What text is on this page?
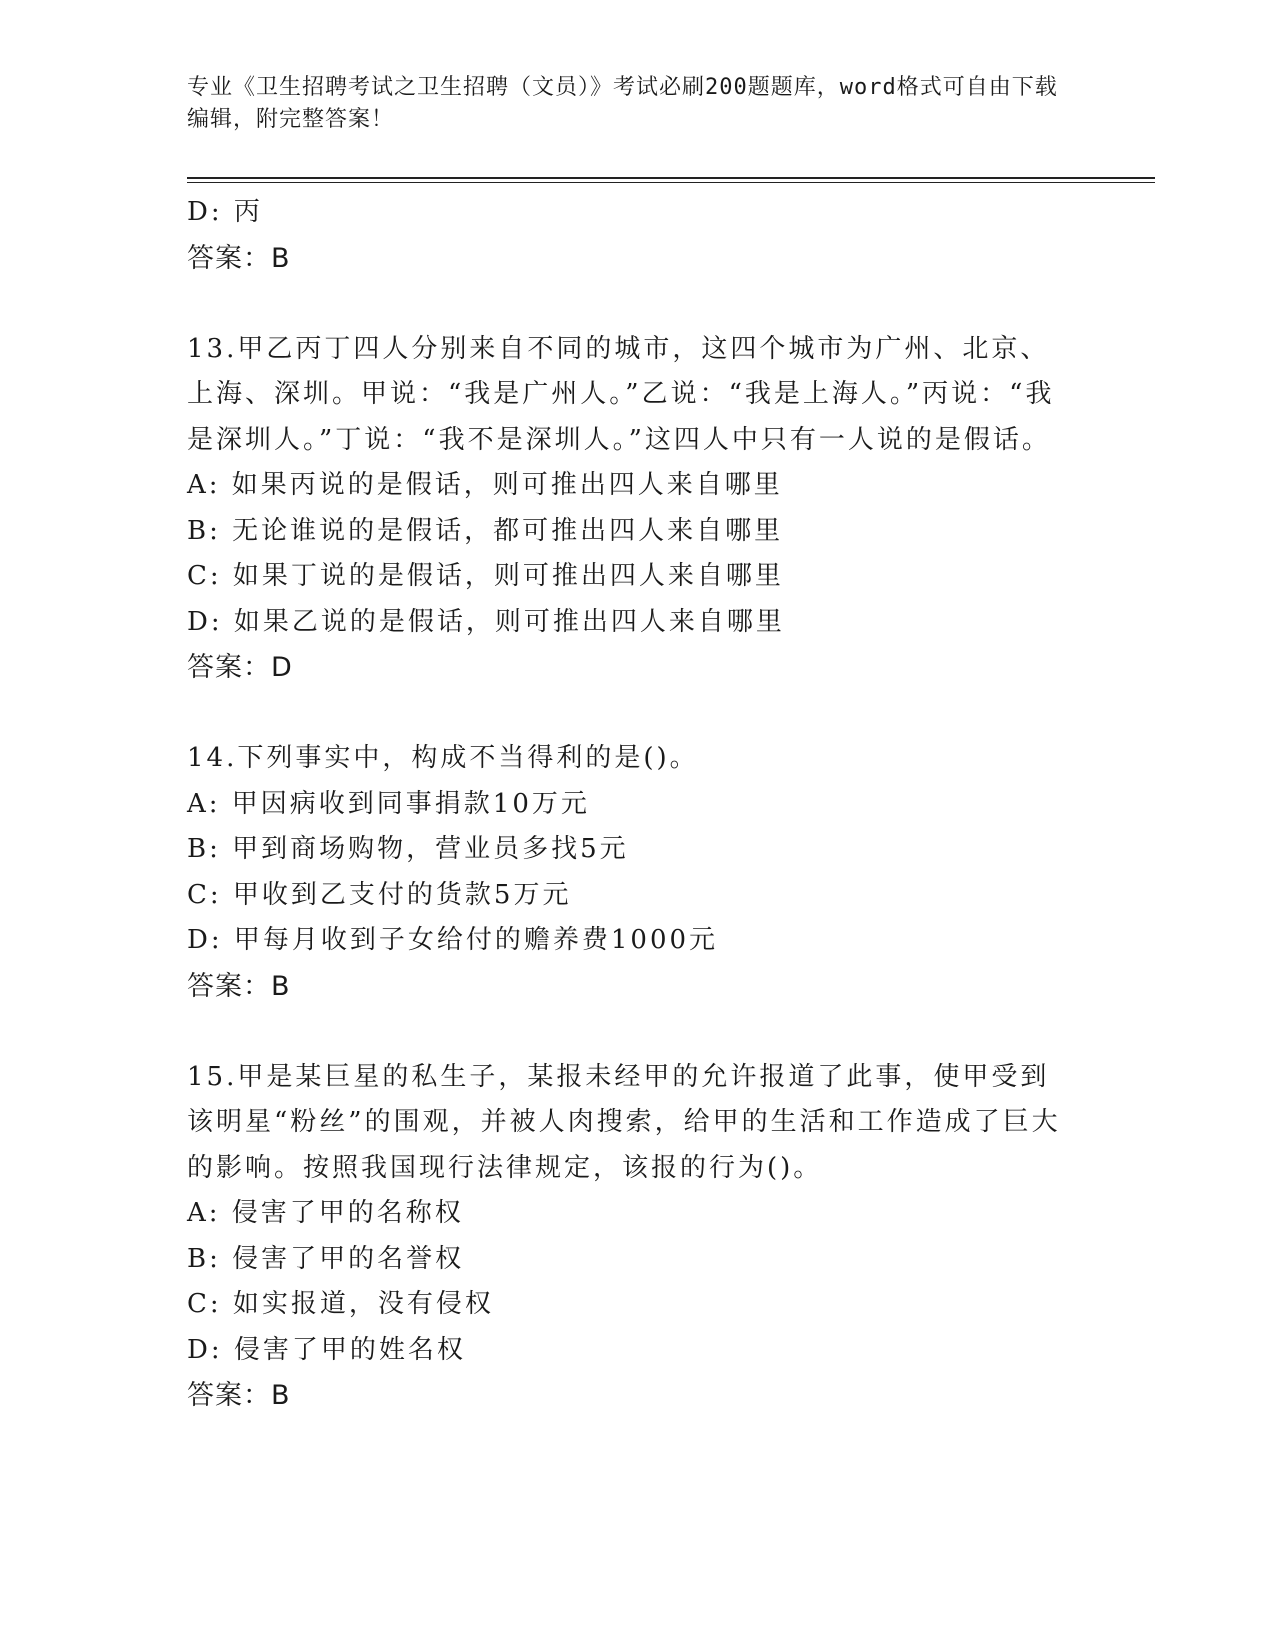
专业《卫生招聘考试之卫生招聘（文员）》考试必刷200题题库，word格式可自由下载编辑，附完整答案！
D: 丙
答案：B
13.甲乙丙丁四人分别来自不同的城市，这四个城市为广州、北京、上海、深圳。甲说：“我是广州人。”乙说：“我是上海人。”丙说：“我是深圳人。”丁说：“我不是深圳人。”这四人中只有一人说的是假话。
A: 如果丙说的是假话，则可推出四人来自哪里
B: 无论谁说的是假话，都可推出四人来自哪里
C: 如果丁说的是假话，则可推出四人来自哪里
D: 如果乙说的是假话，则可推出四人来自哪里
答案：D
14.下列事实中，构成不当得利的是()。
A: 甲因病收到同事捐款10万元
B: 甲到商场购物，营业员多找5元
C: 甲收到乙支付的货款5万元
D: 甲每月收到子女给付的赡养费1000元
答案：B
15.甲是某巨星的私生子，某报未经甲的允许报道了此事，使甲受到该明星“粉丝”的围观，并被人肉搜索，给甲的生活和工作造成了巨大的影响。按照我国现行法律规定，该报的行为()。
A: 侵害了甲的名称权
B: 侵害了甲的名誉权
C: 如实报道，没有侵权
D: 侵害了甲的姓名权
答案：B
